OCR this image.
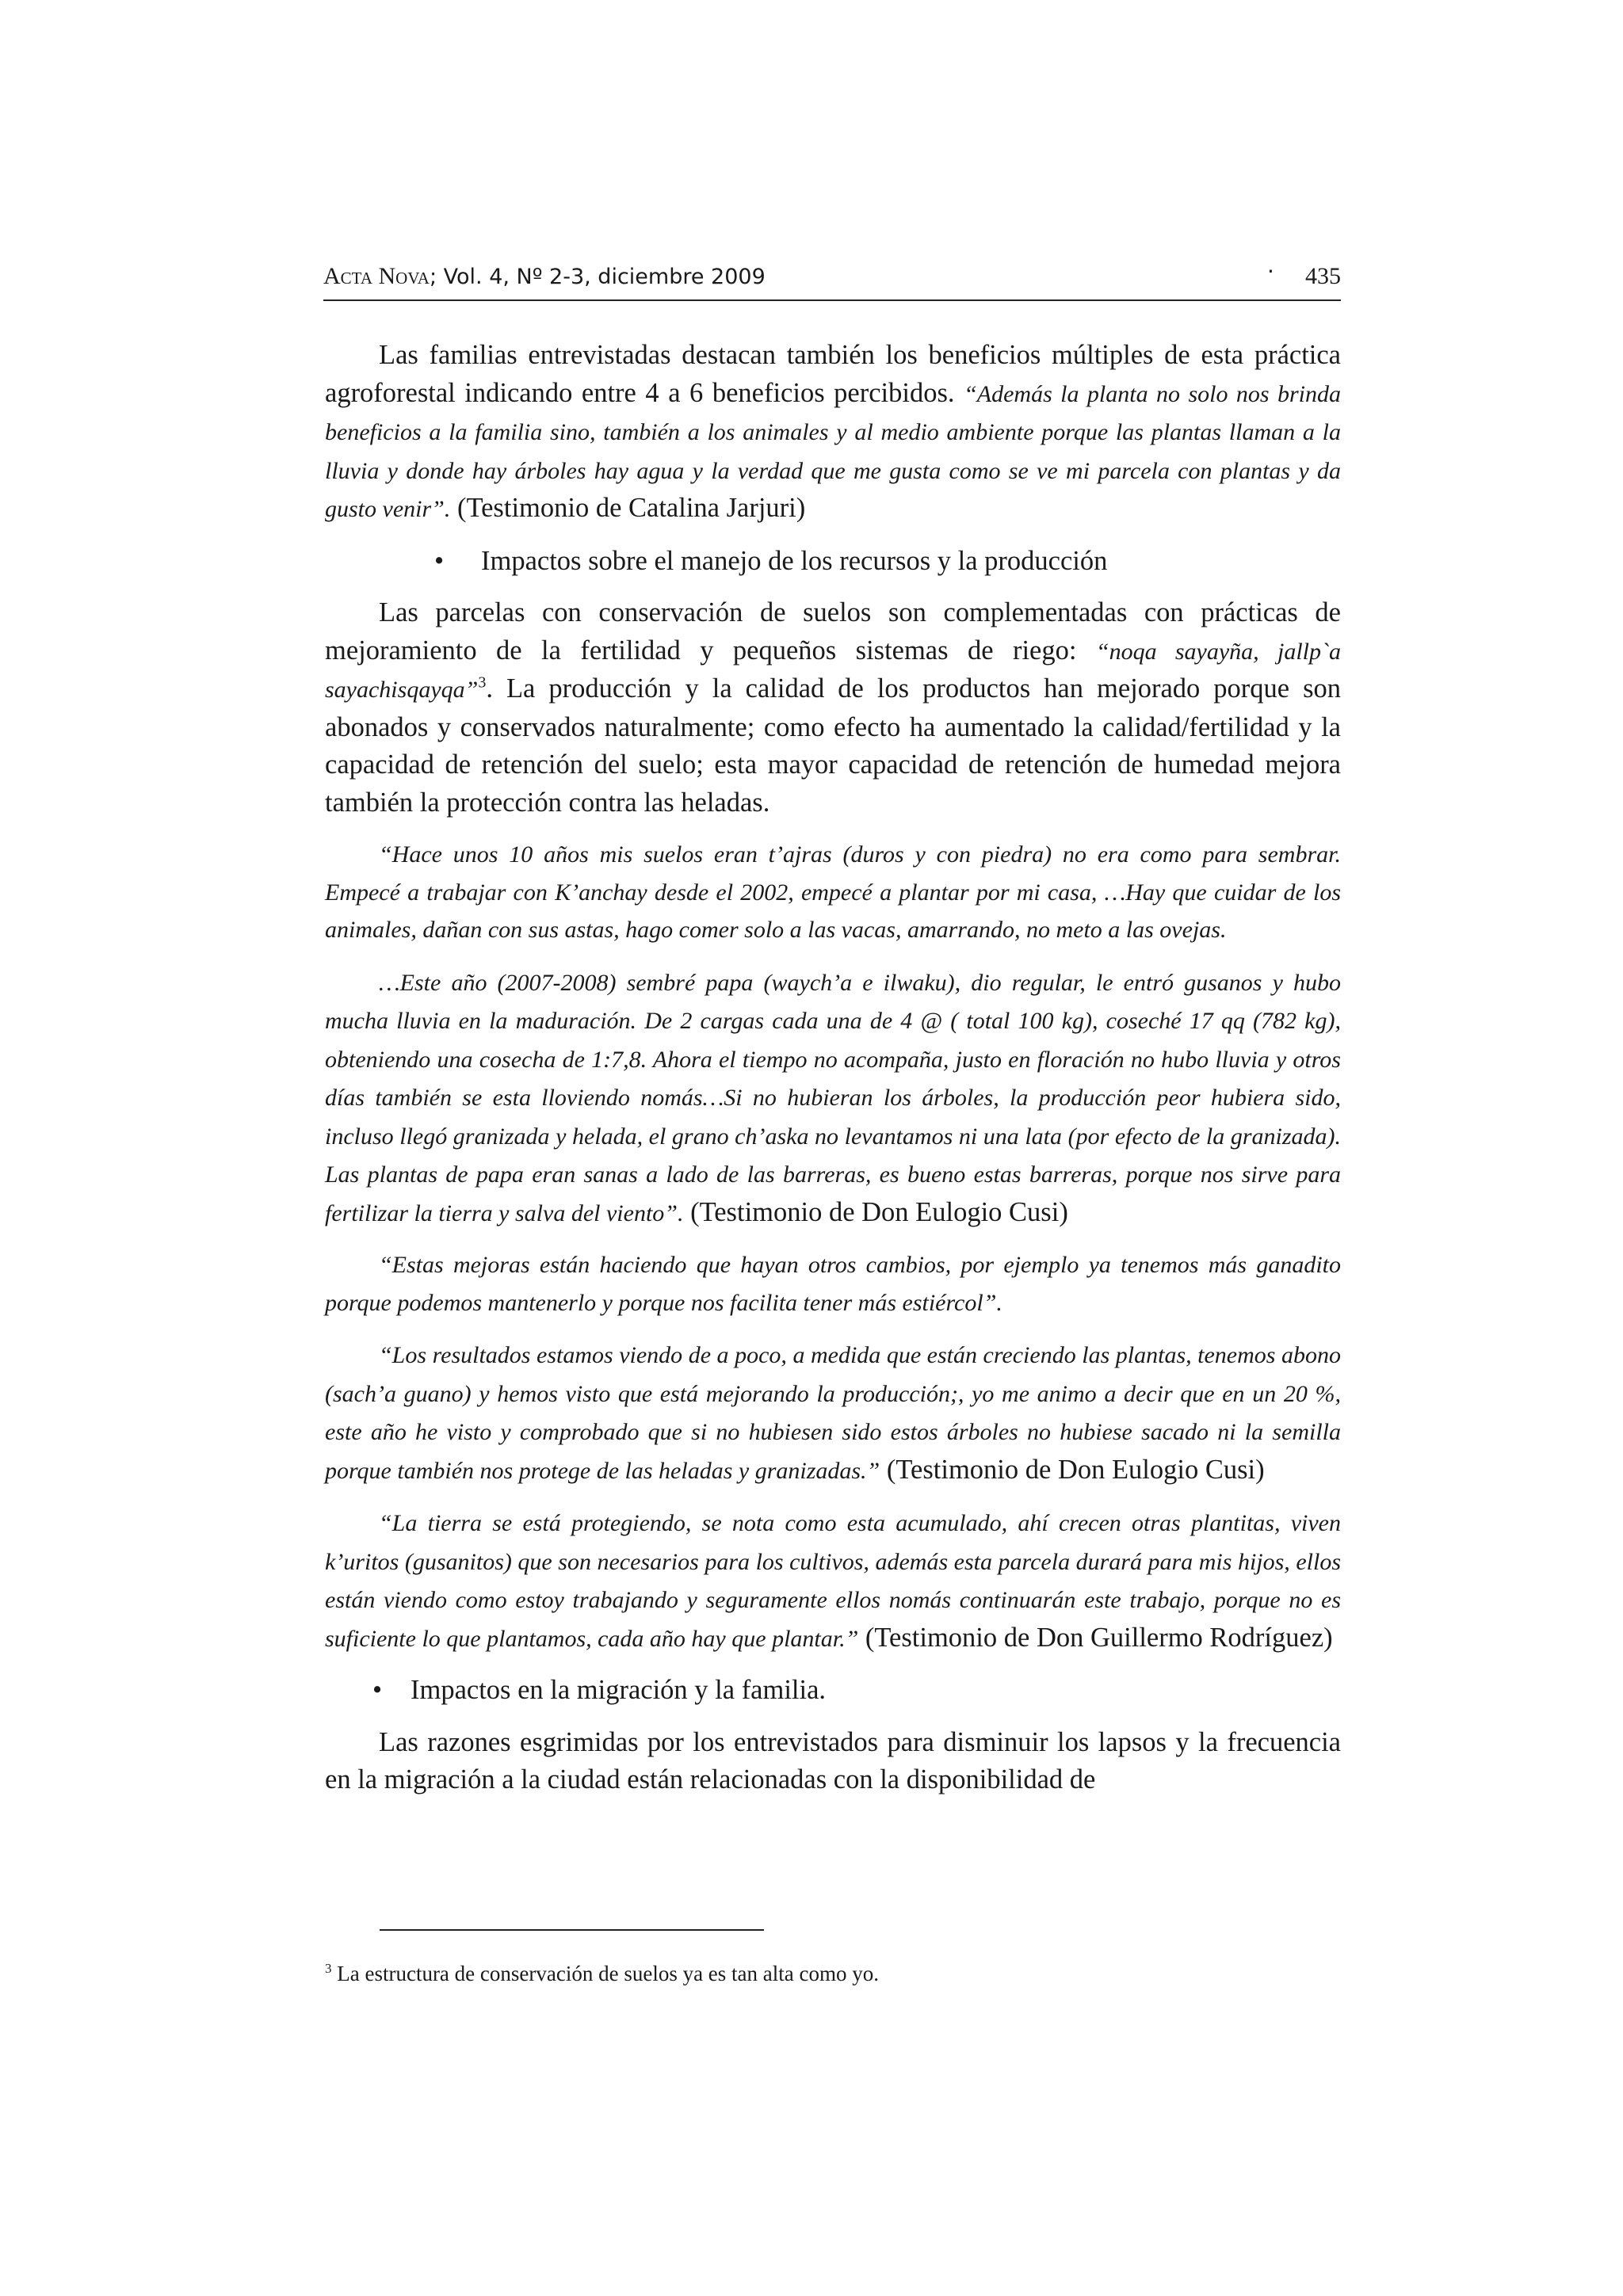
Acta Nova; Vol. 4, Nº 2-3, diciembre 2009	· 435

Las familias entrevistadas destacan también los beneficios múltiples de esta práctica agroforestal indicando entre 4 a 6 beneficios percibidos. “Además la planta no solo nos brinda beneficios a la familia sino, también a los animales y al medio ambiente porque las plantas llaman a la lluvia y donde hay árboles hay agua y la verdad que me gusta como se ve mi parcela con plantas y da gusto venir”. (Testimonio de Catalina Jarjuri)

•	Impactos sobre el manejo de los recursos y la producción

Las parcelas con conservación de suelos son complementadas con prácticas de mejoramiento de la fertilidad y pequeños sistemas de riego: “noqa sayayña, jallp`a sayachisqayqa”$^3$. La producción y la calidad de los productos han mejorado porque son abonados y conservados naturalmente; como efecto ha aumentado la calidad/fertilidad y la capacidad de retención del suelo; esta mayor capacidad de retención de humedad mejora también la protección contra las heladas.

“Hace unos 10 años mis suelos eran t’ajras (duros y con piedra) no era como para sembrar. Empecé a trabajar con K’anchay desde el 2002, empecé a plantar por mi casa, …Hay que cuidar de los animales, dañan con sus astas, hago comer solo a las vacas, amarrando, no meto a las ovejas.

…Este año (2007-2008) sembré papa (waych’a e ilwaku), dio regular, le entró gusanos y hubo mucha lluvia en la maduración. De 2 cargas cada una de 4 @ ( total 100 kg), coseché 17 qq (782 kg), obteniendo una cosecha de 1:7,8. Ahora el tiempo no acompaña, justo en floración no hubo lluvia y otros días también se esta lloviendo nomás…Si no hubieran los árboles, la producción peor hubiera sido, incluso llegó granizada y helada, el grano ch’aska no levantamos ni una lata (por efecto de la granizada). Las plantas de papa eran sanas a lado de las barreras, es bueno estas barreras, porque nos sirve para fertilizar la tierra y salva del viento”. (Testimonio de Don Eulogio Cusi)

“Estas mejoras están haciendo que hayan otros cambios, por ejemplo ya tenemos más ganadito porque podemos mantenerlo y porque nos facilita tener más estiércol”.

“Los resultados estamos viendo de a poco, a medida que están creciendo las plantas, tenemos abono (sach’a guano) y hemos visto que está mejorando la producción;, yo me animo a decir que en un 20 %, este año he visto y comprobado que si no hubiesen sido estos árboles no hubiese sacado ni la semilla porque también nos protege de las heladas y granizadas.” (Testimonio de Don Eulogio Cusi)

“La tierra se está protegiendo, se nota como esta acumulado, ahí crecen otras plantitas, viven k’uritos (gusanitos) que son necesarios para los cultivos, además esta parcela durará para mis hijos, ellos están viendo como estoy trabajando y seguramente ellos nomás continuarán este trabajo, porque no es suficiente lo que plantamos, cada año hay que plantar.” (Testimonio de Don Guillermo Rodríguez)

•	Impactos en la migración y la familia.

Las razones esgrimidas por los entrevistados para disminuir los lapsos y la frecuencia en la migración a la ciudad están relacionadas con la disponibilidad de

$^3$ La estructura de conservación de suelos ya es tan alta como yo.
